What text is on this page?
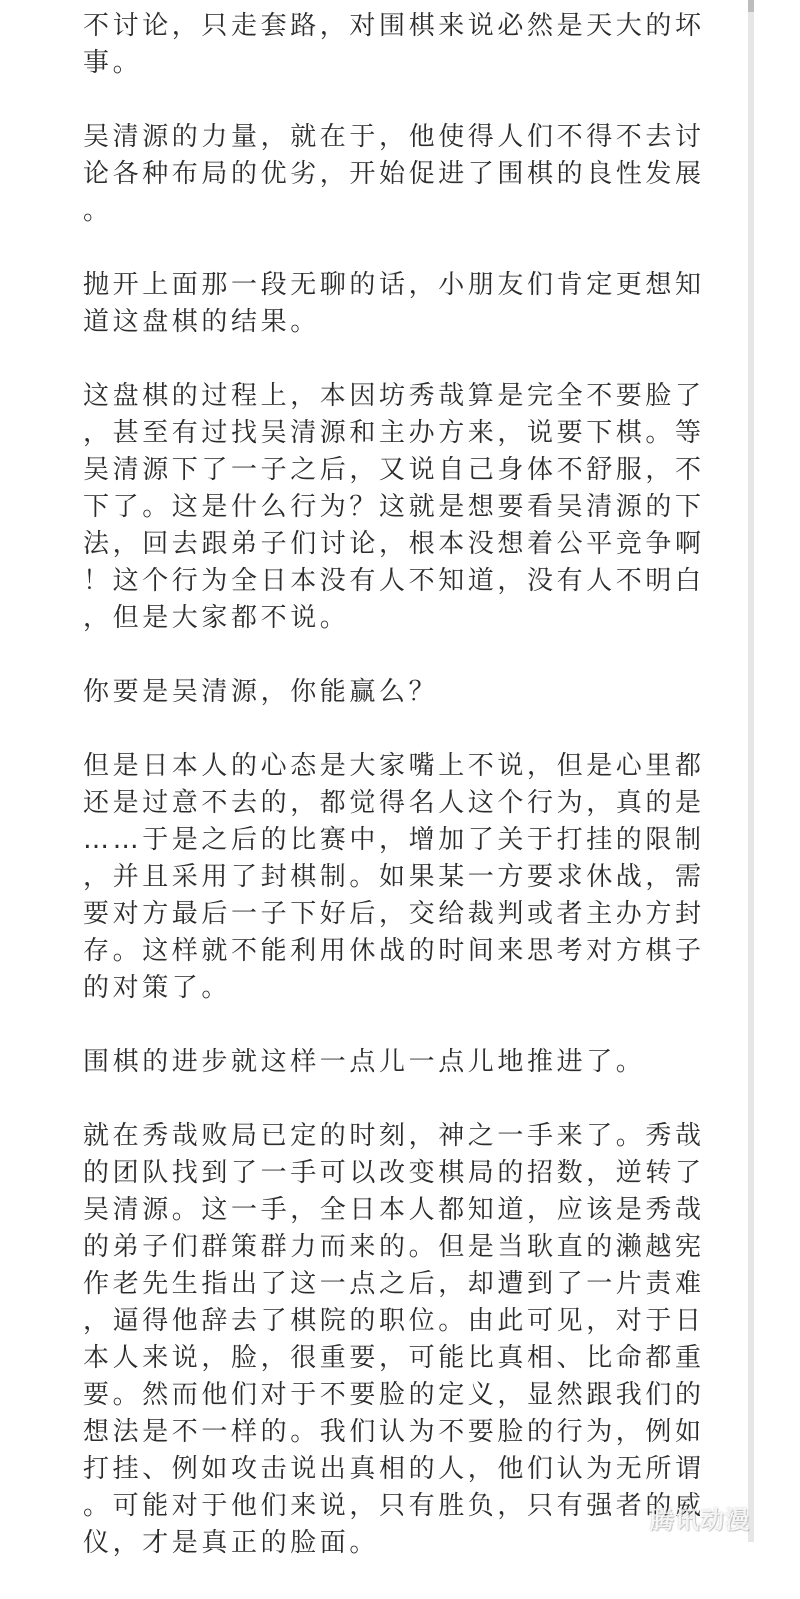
不讨论，只走套路，对围棋来说必然是天大的坏
事。

吴清源的力量，就在于，他使得人们不得不去讨
论各种布局的优劣，开始促进了围棋的良性发展
。

抛开上面那一段无聊的话，小朋友们肯定更想知
道这盘棋的结果。

这盘棋的过程上，本因坊秀哉算是完全不要脸了
，甚至有过找吴清源和主办方来，说要下棋。等
吴清源下了一子之后，又说自己身体不舒服，不
下了。这是什么行为？这就是想要看吴清源的下
法，回去跟弟子们讨论，根本没想着公平竞争啊
！这个行为全日本没有人不知道，没有人不明白
，但是大家都不说。

你要是吴清源，你能赢么？

但是日本人的心态是大家嘴上不说，但是心里都
还是过意不去的，都觉得名人这个行为，真的是
……于是之后的比赛中，增加了关于打挂的限制
，并且采用了封棋制。如果某一方要求休战，需
要对方最后一子下好后，交给裁判或者主办方封
存。这样就不能利用休战的时间来思考对方棋子
的对策了。

围棋的进步就这样一点儿一点儿地推进了。

就在秀哉败局已定的时刻，神之一手来了。秀哉
的团队找到了一手可以改变棋局的招数，逆转了
吴清源。这一手，全日本人都知道，应该是秀哉
的弟子们群策群力而来的。但是当耿直的濑越宪
作老先生指出了这一点之后，却遭到了一片责难
，逼得他辞去了棋院的职位。由此可见，对于日
本人来说，脸，很重要，可能比真相、比命都重
要。然而他们对于不要脸的定义，显然跟我们的
想法是不一样的。我们认为不要脸的行为，例如
打挂、例如攻击说出真相的人，他们认为无所谓
。可能对于他们来说，只有胜负，只有强者的威
仪，才是真正的脸面。

腾讯动漫
